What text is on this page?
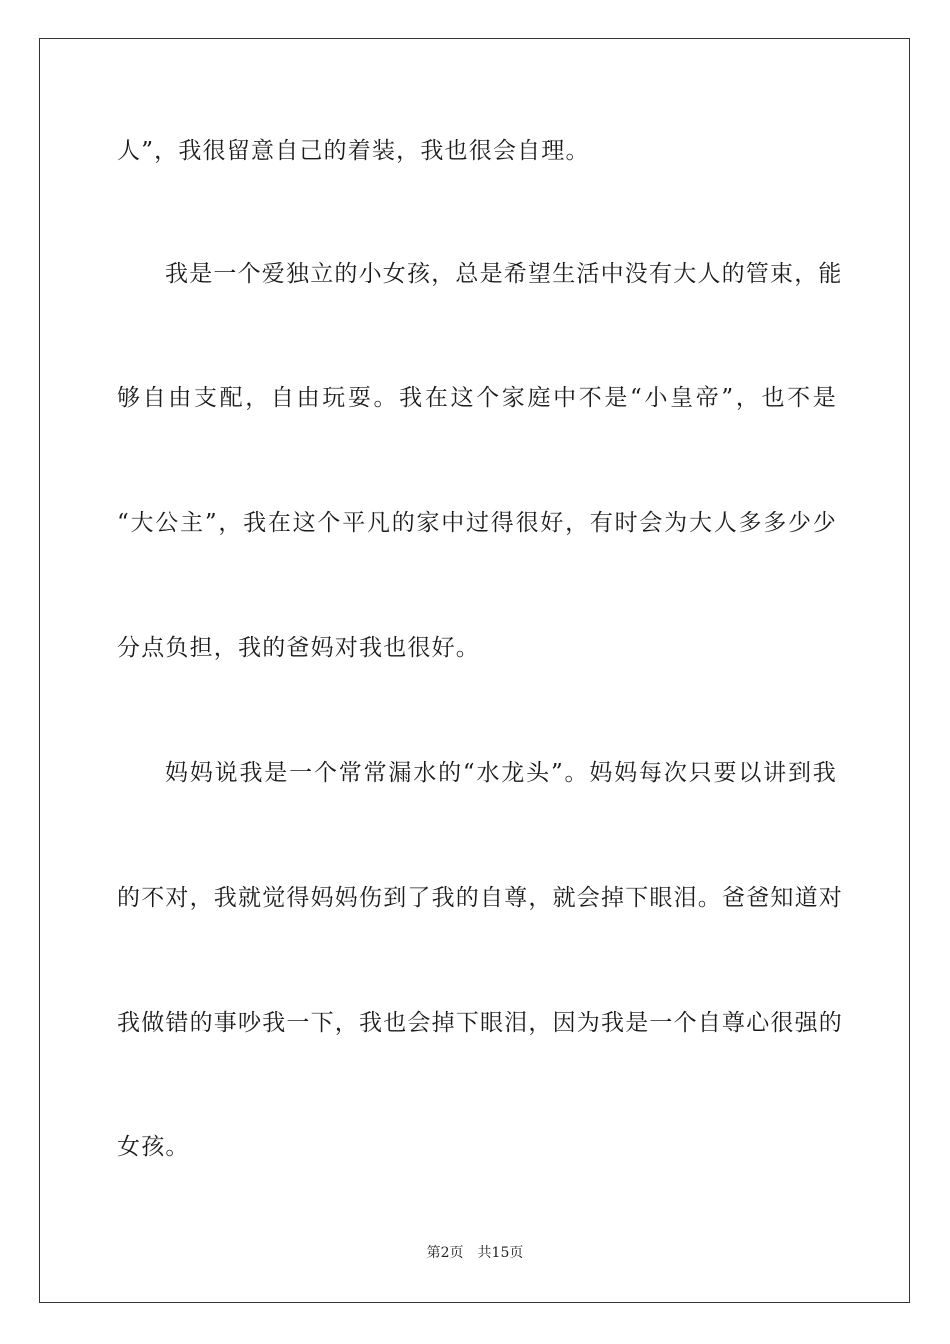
人”，我很留意自己的着装，我也很会自理。
我是一个爱独立的小女孩，总是希望生活中没有大人的管束，能
够自由支配，自由玩耍。我在这个家庭中不是“小皇帝”，也不是
“大公主”，我在这个平凡的家中过得很好，有时会为大人多多少少
分点负担，我的爸妈对我也很好。
妈妈说我是一个常常漏水的“水龙头”。妈妈每次只要以讲到我
的不对，我就觉得妈妈伤到了我的自尊，就会掉下眼泪。爸爸知道对
我做错的事吵我一下，我也会掉下眼泪，因为我是一个自尊心很强的
女孩。
第2页 共15页
